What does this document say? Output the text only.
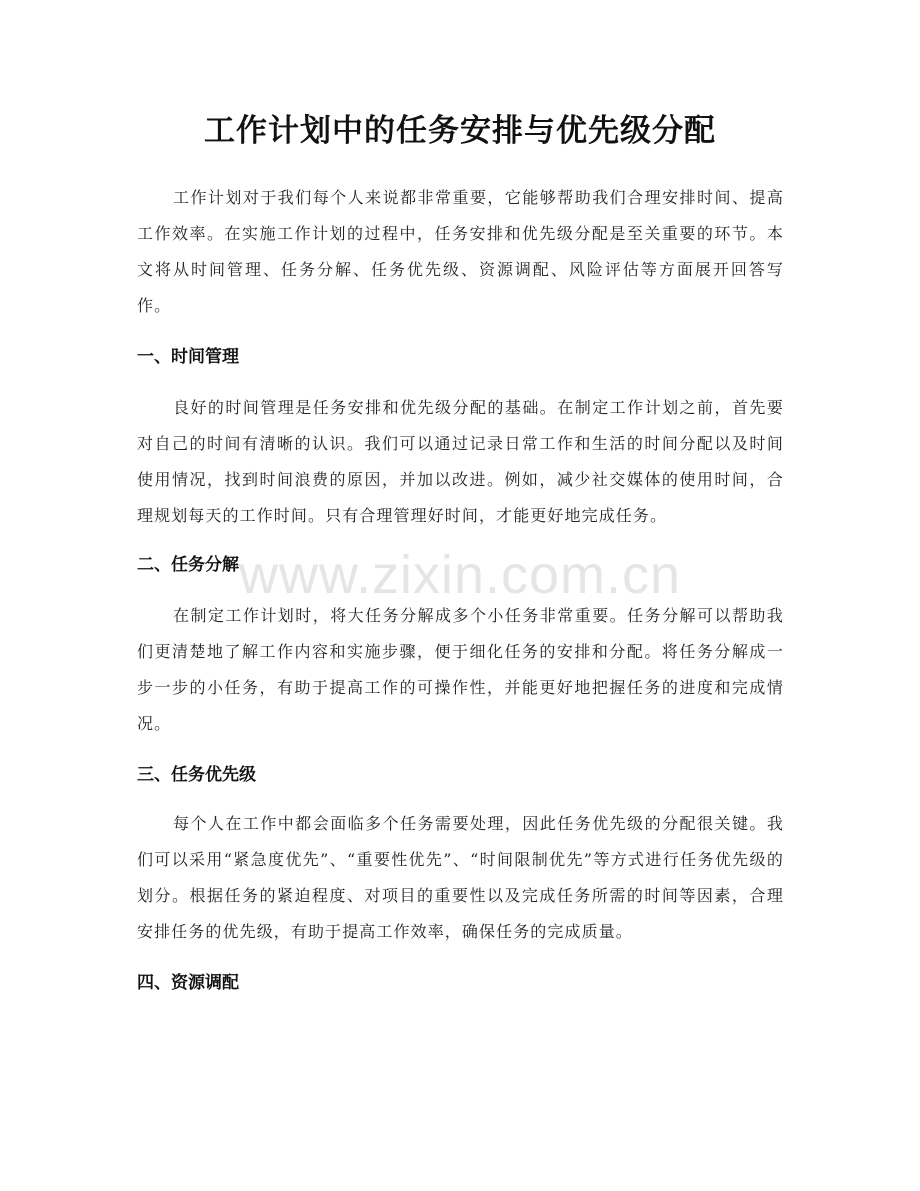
工作计划中的任务安排与优先级分配

工作计划对于我们每个人来说都非常重要，它能够帮助我们合理安排时间、提高工作效率。在实施工作计划的过程中，任务安排和优先级分配是至关重要的环节。本文将从时间管理、任务分解、任务优先级、资源调配、风险评估等方面展开回答写作。

一、时间管理

良好的时间管理是任务安排和优先级分配的基础。在制定工作计划之前，首先要对自己的时间有清晰的认识。我们可以通过记录日常工作和生活的时间分配以及时间使用情况，找到时间浪费的原因，并加以改进。例如，减少社交媒体的使用时间，合理规划每天的工作时间。只有合理管理好时间，才能更好地完成任务。

二、任务分解

在制定工作计划时，将大任务分解成多个小任务非常重要。任务分解可以帮助我们更清楚地了解工作内容和实施步骤，便于细化任务的安排和分配。将任务分解成一步一步的小任务，有助于提高工作的可操作性，并能更好地把握任务的进度和完成情况。

三、任务优先级

每个人在工作中都会面临多个任务需要处理，因此任务优先级的分配很关键。我们可以采用“紧急度优先”、“重要性优先”、“时间限制优先”等方式进行任务优先级的划分。根据任务的紧迫程度、对项目的重要性以及完成任务所需的时间等因素，合理安排任务的优先级，有助于提高工作效率，确保任务的完成质量。

四、资源调配
www.zixin.com.cn
